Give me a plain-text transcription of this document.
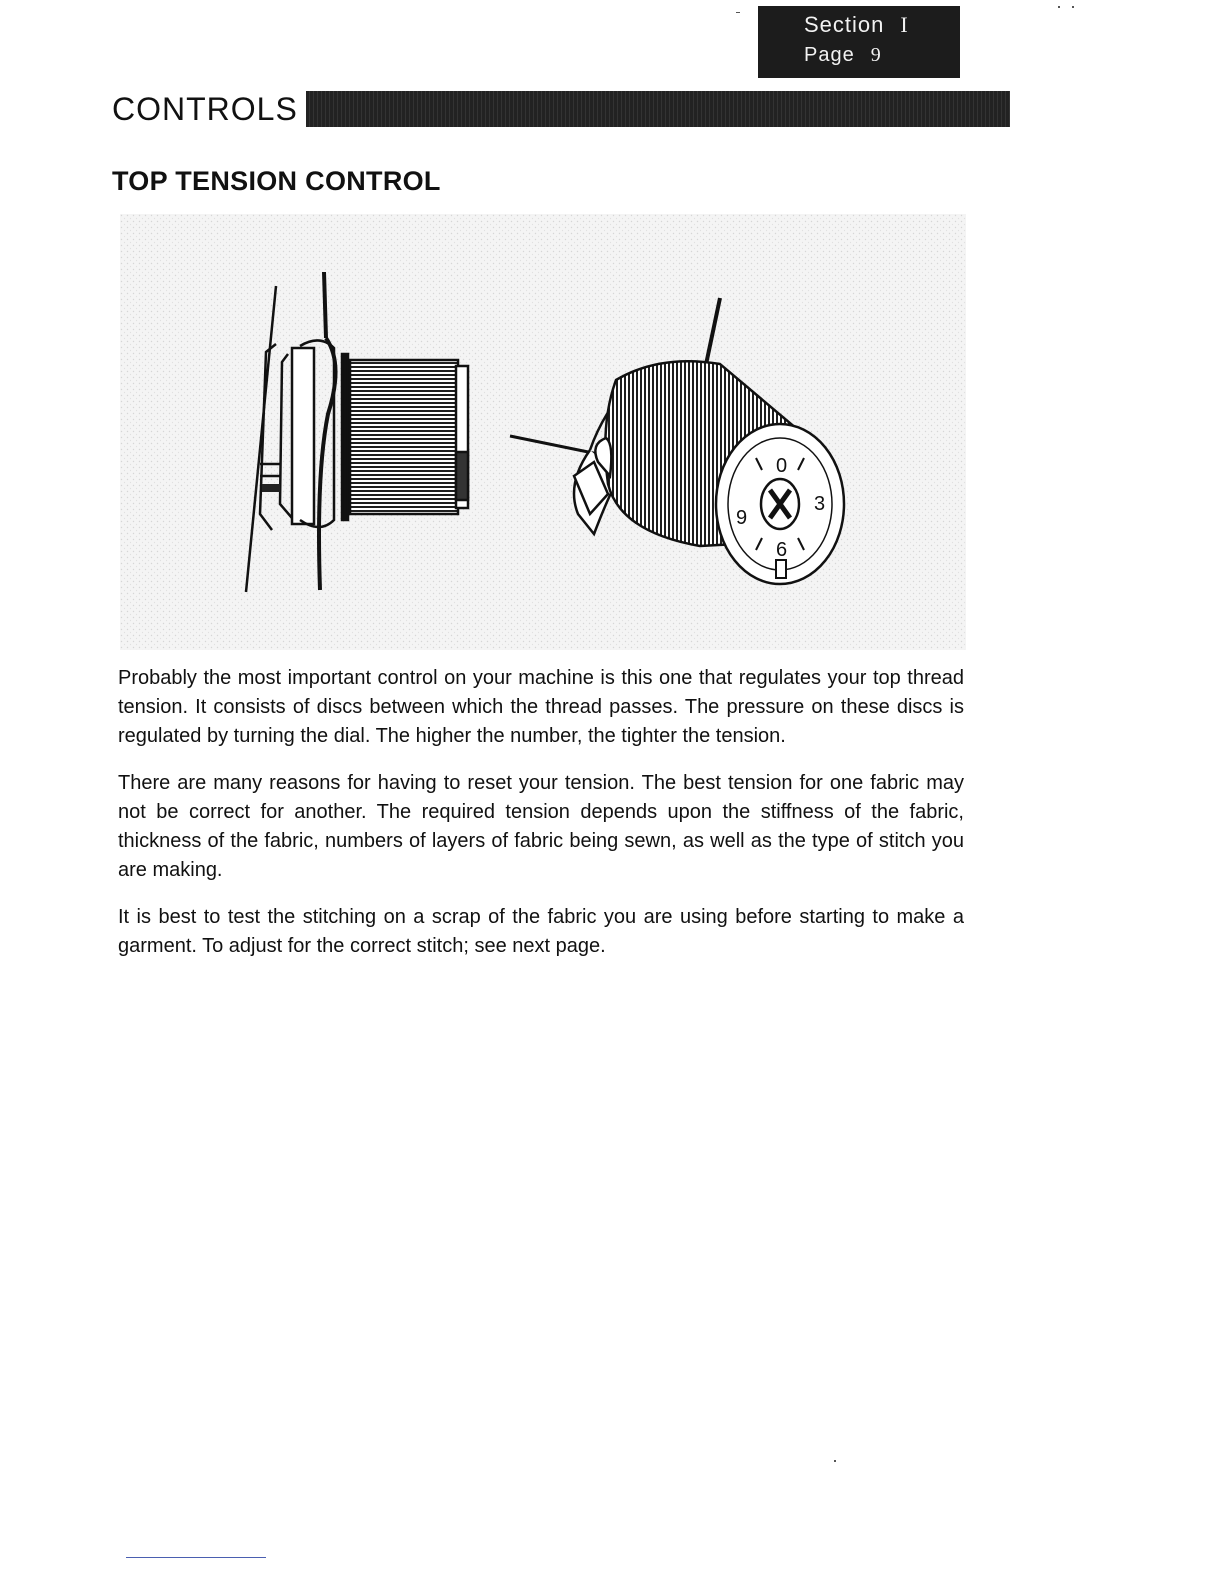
Section I
Page 9
CONTROLS
TOP TENSION CONTROL
0
3
6
9

Probably the most important control on your machine is this one that regulates your top thread tension. It consists of discs between which the thread passes. The pressure on these discs is regulated by turning the dial. The higher the number, the tighter the tension.

There are many reasons for having to reset your tension. The best tension for one fabric may not be correct for another. The required tension depends upon the stiffness of the fabric, thickness of the fabric, numbers of layers of fabric being sewn, as well as the type of stitch you are making.

It is best to test the stitching on a scrap of the fabric you are using before starting to make a garment. To adjust for the correct stitch; see next page.
